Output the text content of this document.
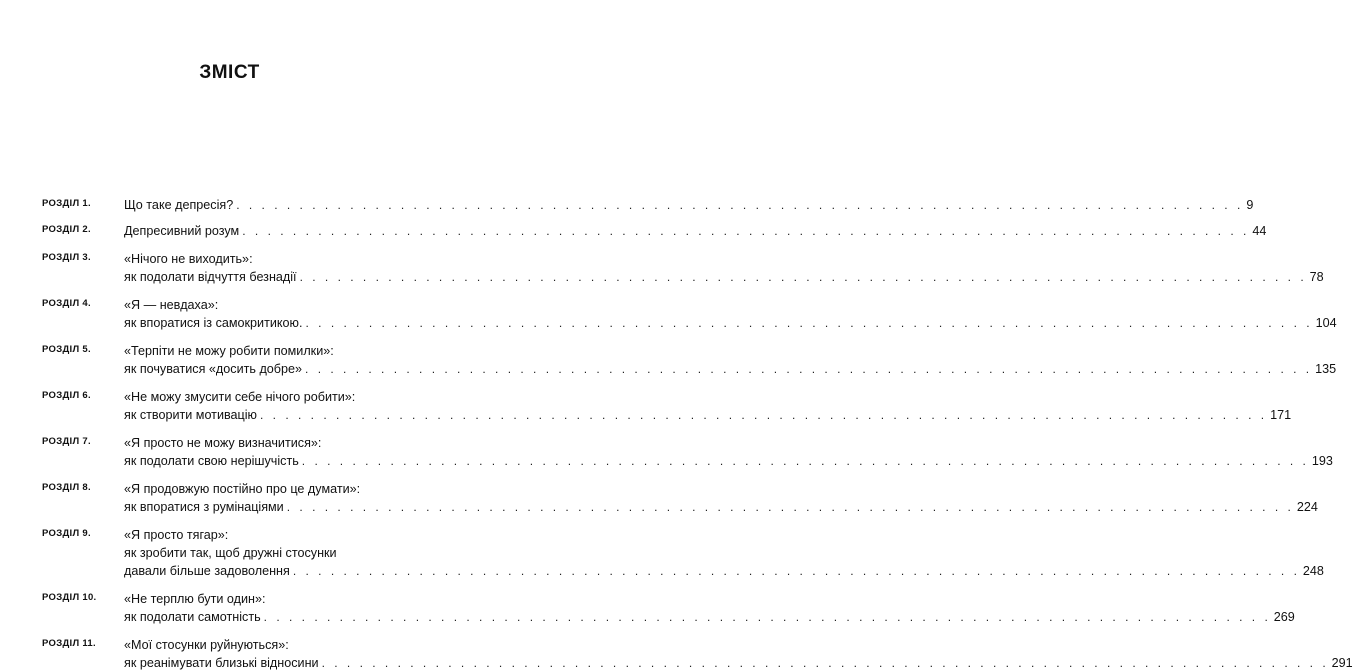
ЗМІСТ
РОЗДІЛ 1.	Що таке депресія? . . . . . . . . . . . . . . . . . . . . . . . . . . . . . . . . . . . . . . . . . . . . . . . . . . . . . . . . . . . . . . . . . . . . . . . . . . . . . . . . 9
РОЗДІЛ 2.	Депресивний розум . . . . . . . . . . . . . . . . . . . . . . . . . . . . . . . . . . . . . . . . . . . . . . . . . . . . . . . . . . . . . . . . . . . . . . . . . . . . . . . . 44
РОЗДІЛ 3.	«Нічого не виходить»:
як подолати відчуття безнадії . . . . . . . . . . . . . . . . . . . . . . . . . . . . . . . . . . . . . . . . . . . . . . . . . . . . . . . . . . . . . . . . . . . . . . . . . . . . . . . . 78
РОЗДІЛ 4.	«Я — невдаха»:
як впоратися із самокритикою. . . . . . . . . . . . . . . . . . . . . . . . . . . . . . . . . . . . . . . . . . . . . . . . . . . . . . . . . . . . . . . . . . . . . . . . . . . . . . . . . 104
РОЗДІЛ 5.	«Терпіти не можу робити помилки»:
як почуватися «досить добре» . . . . . . . . . . . . . . . . . . . . . . . . . . . . . . . . . . . . . . . . . . . . . . . . . . . . . . . . . . . . . . . . . . . . . . . . . . . . . . . . 135
РОЗДІЛ 6.	«Не можу змусити себе нічого робити»:
як створити мотивацію . . . . . . . . . . . . . . . . . . . . . . . . . . . . . . . . . . . . . . . . . . . . . . . . . . . . . . . . . . . . . . . . . . . . . . . . . . . . . . . . 171
РОЗДІЛ 7.	«Я просто не можу визначитися»:
як подолати свою нерішучість . . . . . . . . . . . . . . . . . . . . . . . . . . . . . . . . . . . . . . . . . . . . . . . . . . . . . . . . . . . . . . . . . . . . . . . . . . . . . . . . 193
РОЗДІЛ 8.	«Я продовжую постійно про це думати»:
як впоратися з румінаціями . . . . . . . . . . . . . . . . . . . . . . . . . . . . . . . . . . . . . . . . . . . . . . . . . . . . . . . . . . . . . . . . . . . . . . . . . . . . . . . . 224
РОЗДІЛ 9.	«Я просто тягар»:
як зробити так, щоб дружні стосунки
давали більше задоволення . . . . . . . . . . . . . . . . . . . . . . . . . . . . . . . . . . . . . . . . . . . . . . . . . . . . . . . . . . . . . . . . . . . . . . . . . . . . . . . . 248
РОЗДІЛ 10. «Не терплю бути один»:
як подолати самотність . . . . . . . . . . . . . . . . . . . . . . . . . . . . . . . . . . . . . . . . . . . . . . . . . . . . . . . . . . . . . . . . . . . . . . . . . . . . . . . . 269
РОЗДІЛ 11. «Мої стосунки руйнуються»:
як реанімувати близькі відносини . . . . . . . . . . . . . . . . . . . . . . . . . . . . . . . . . . . . . . . . . . . . . . . . . . . . . . . . . . . . . . . . . . . . . . . . . . . . . . . . 291
